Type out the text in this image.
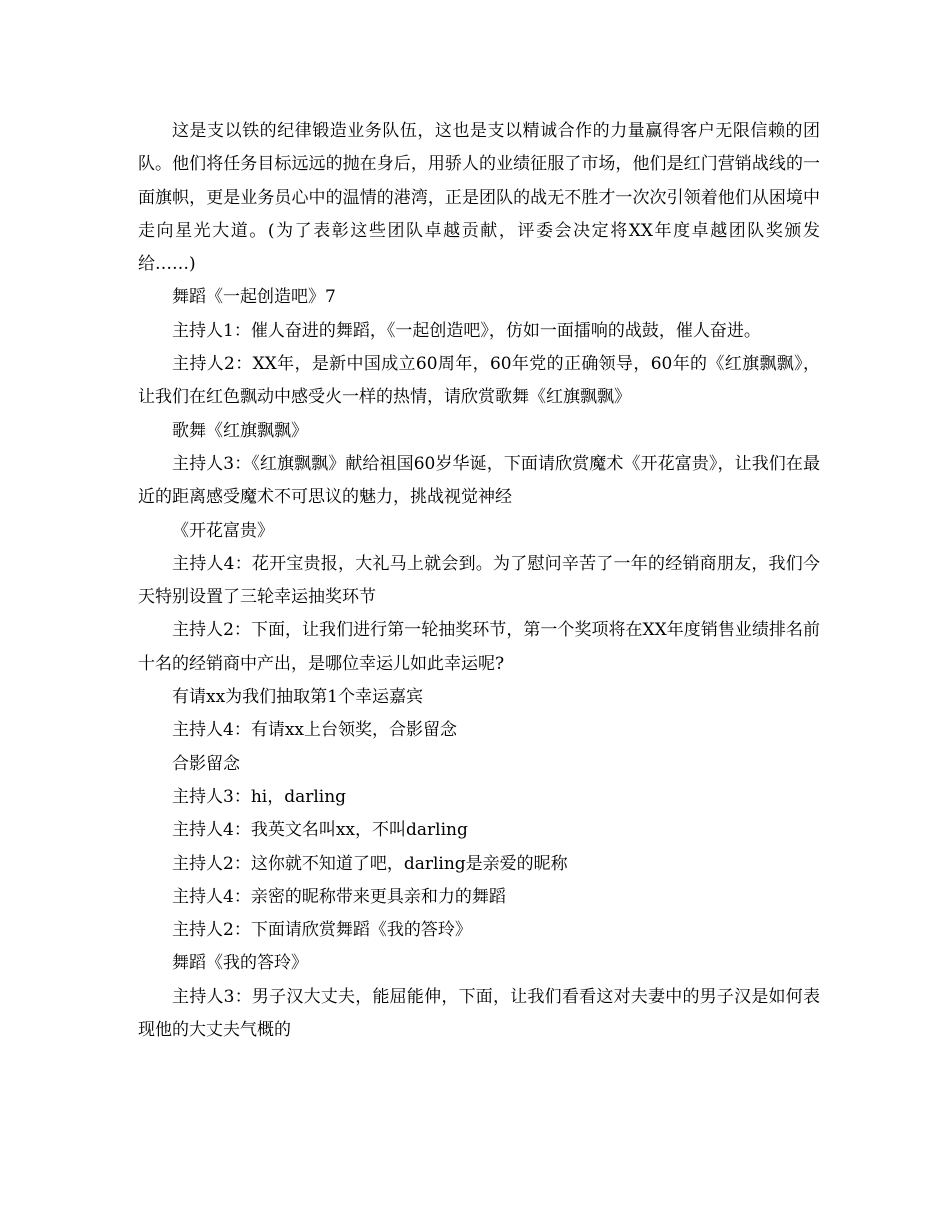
这是支以铁的纪律锻造业务队伍，这也是支以精诚合作的力量赢得客户无限信赖的团队。他们将任务目标远远的抛在身后，用骄人的业绩征服了市场，他们是红门营销战线的一面旗帜，更是业务员心中的温情的港湾，正是团队的战无不胜才一次次引领着他们从困境中走向星光大道。(为了表彰这些团队卓越贡献，评委会决定将XX年度卓越团队奖颁发给……)

舞蹈《一起创造吧》7

主持人1：催人奋进的舞蹈，《一起创造吧》，仿如一面擂响的战鼓，催人奋进。

主持人2：XX年，是新中国成立60周年，60年党的正确领导，60年的《红旗飘飘》，让我们在红色飘动中感受火一样的热情，请欣赏歌舞《红旗飘飘》

歌舞《红旗飘飘》

主持人3：《红旗飘飘》献给祖国60岁华诞，下面请欣赏魔术《开花富贵》，让我们在最近的距离感受魔术不可思议的魅力，挑战视觉神经

《开花富贵》

主持人4：花开宝贵报，大礼马上就会到。为了慰问辛苦了一年的经销商朋友，我们今天特别设置了三轮幸运抽奖环节

主持人2：下面，让我们进行第一轮抽奖环节，第一个奖项将在XX年度销售业绩排名前十名的经销商中产出，是哪位幸运儿如此幸运呢?

有请xx为我们抽取第1个幸运嘉宾

主持人4：有请xx上台领奖，合影留念

合影留念

主持人3：hi，darling

主持人4：我英文名叫xx，不叫darling

主持人2：这你就不知道了吧，darling是亲爱的昵称

主持人4：亲密的昵称带来更具亲和力的舞蹈

主持人2：下面请欣赏舞蹈《我的答玲》

舞蹈《我的答玲》

主持人3：男子汉大丈夫，能屈能伸，下面，让我们看看这对夫妻中的男子汉是如何表现他的大丈夫气概的
